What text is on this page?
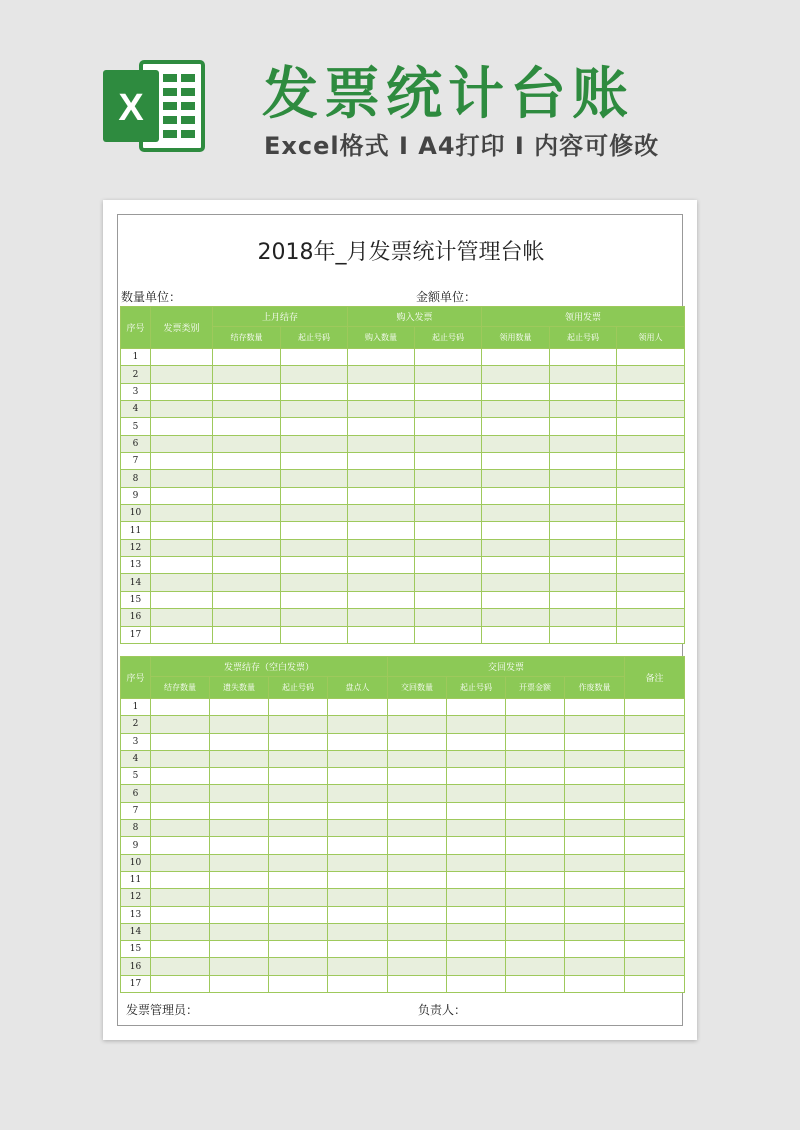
X 发票统计台账
Excel格式 I A4打印 I 内容可修改
2018年_月发票统计管理台帐
数量单位：	金额单位：
序号	发票类别	上月结存		购入发票		领用发票		
		结存数量	起止号码	购入数量	起止号码	领用数量	起止号码	领用人
1								
2								
3								
4								
5								
6								
7								
8								
9								
10								
11								
12								
13								
14								
15								
16								
17								
序号	发票结存（空白发票）				交回发票				备注
	结存数量	遗失数量	起止号码	盘点人	交回数量	起止号码	开票金额	作废数量	
1									
2									
3									
4									
5									
6									
7									
8									
9									
10									
11									
12									
13									
14									
15									
16									
17									
发票管理员：	负责人：
